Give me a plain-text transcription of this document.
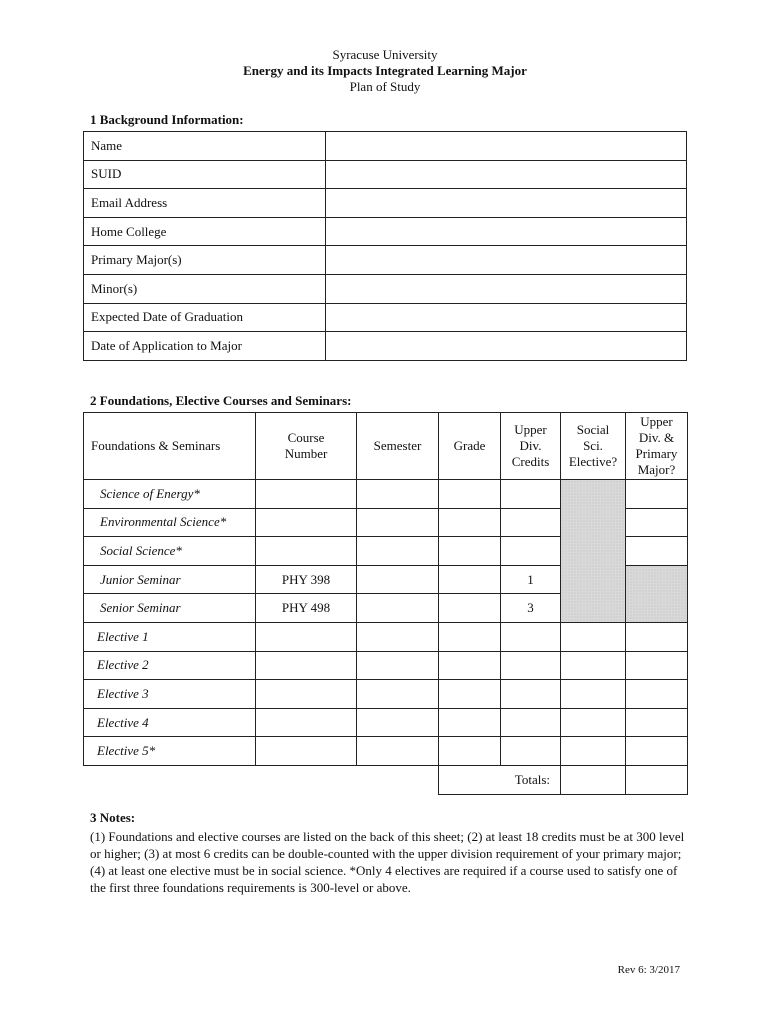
Syracuse University
Energy and its Impacts Integrated Learning Major
Plan of Study
1 Background Information:
Name	
SUID	
Email Address	
Home College	
Primary Major(s)	
Minor(s)	
Expected Date of Graduation	
Date of Application to Major	
2 Foundations, Elective Courses and Seminars:
Foundations & Seminars	Course Number	Semester	Grade	Upper Div. Credits	Social Sci. Elective?	Upper Div. & Primary Major?
Science of Energy*						
Environmental Science*						
Social Science*						
Junior Seminar	PHY 398			1		
Senior Seminar	PHY 498			3		
Elective 1						
Elective 2						
Elective 3						
Elective 4						
Elective 5*						
			Totals:			
3 Notes:
(1) Foundations and elective courses are listed on the back of this sheet; (2) at least 18 credits must be at 300 level or higher; (3) at most 6 credits can be double-counted with the upper division requirement of your primary major; (4) at least one elective must be in social science. *Only 4 electives are required if a course used to satisfy one of the first three foundations requirements is 300-level or above.
Rev 6: 3/2017
